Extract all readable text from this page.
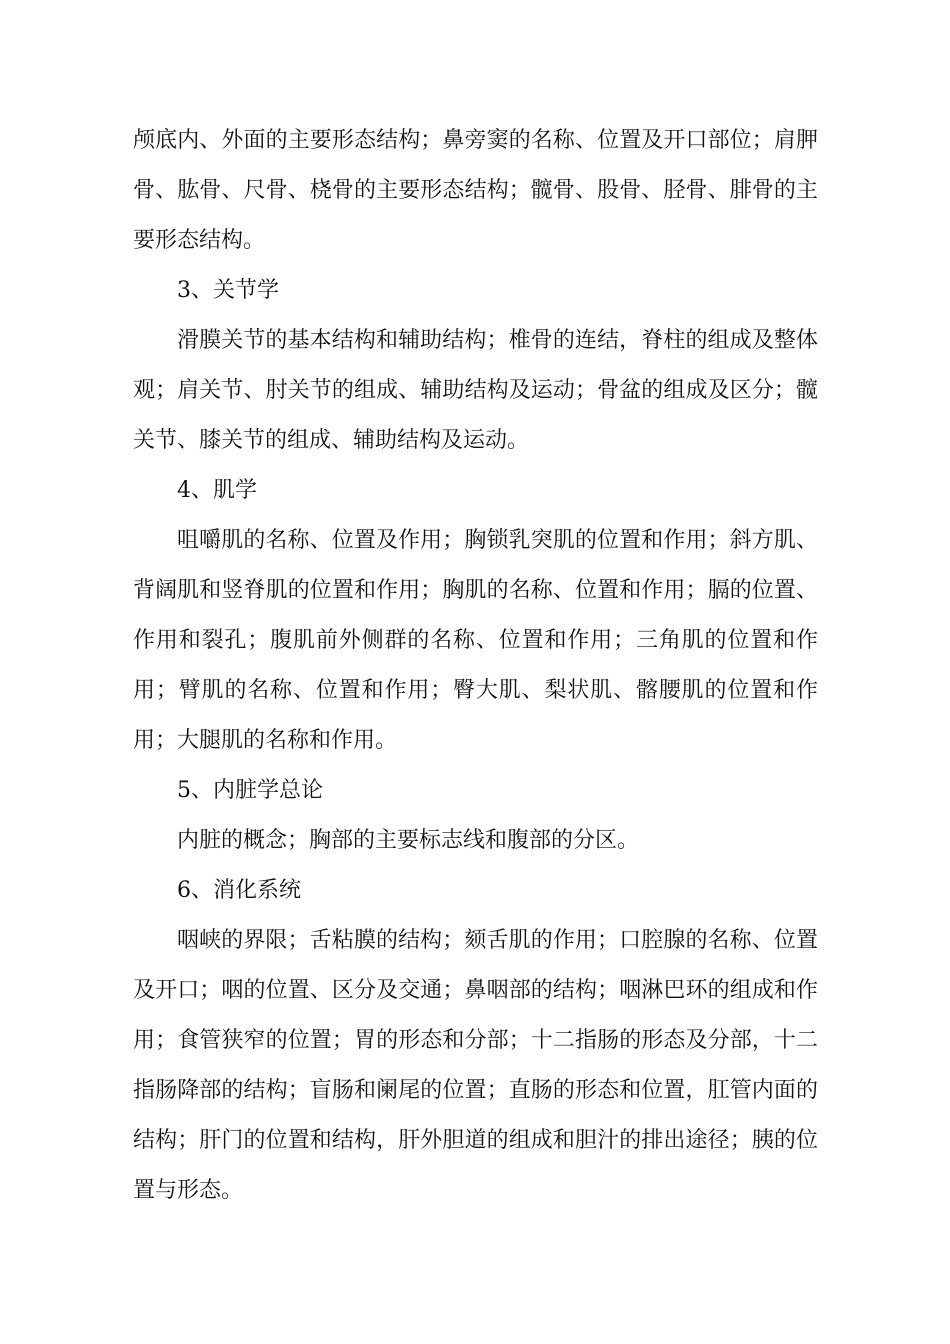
颅底内、外面的主要形态结构；鼻旁窦的名称、位置及开口部位；肩胛骨、肱骨、尺骨、桡骨的主要形态结构；髋骨、股骨、胫骨、腓骨的主要形态结构。

3、关节学

滑膜关节的基本结构和辅助结构；椎骨的连结，脊柱的组成及整体观；肩关节、肘关节的组成、辅助结构及运动；骨盆的组成及区分；髋关节、膝关节的组成、辅助结构及运动。

4、肌学

咀嚼肌的名称、位置及作用；胸锁乳突肌的位置和作用；斜方肌、背阔肌和竖脊肌的位置和作用；胸肌的名称、位置和作用；膈的位置、作用和裂孔；腹肌前外侧群的名称、位置和作用；三角肌的位置和作用；臂肌的名称、位置和作用；臀大肌、梨状肌、髂腰肌的位置和作用；大腿肌的名称和作用。

5、内脏学总论

内脏的概念；胸部的主要标志线和腹部的分区。

6、消化系统

咽峡的界限；舌粘膜的结构；颏舌肌的作用；口腔腺的名称、位置及开口；咽的位置、区分及交通；鼻咽部的结构；咽淋巴环的组成和作用；食管狭窄的位置；胃的形态和分部；十二指肠的形态及分部，十二指肠降部的结构；盲肠和阑尾的位置；直肠的形态和位置，肛管内面的结构；肝门的位置和结构，肝外胆道的组成和胆汁的排出途径；胰的位置与形态。
